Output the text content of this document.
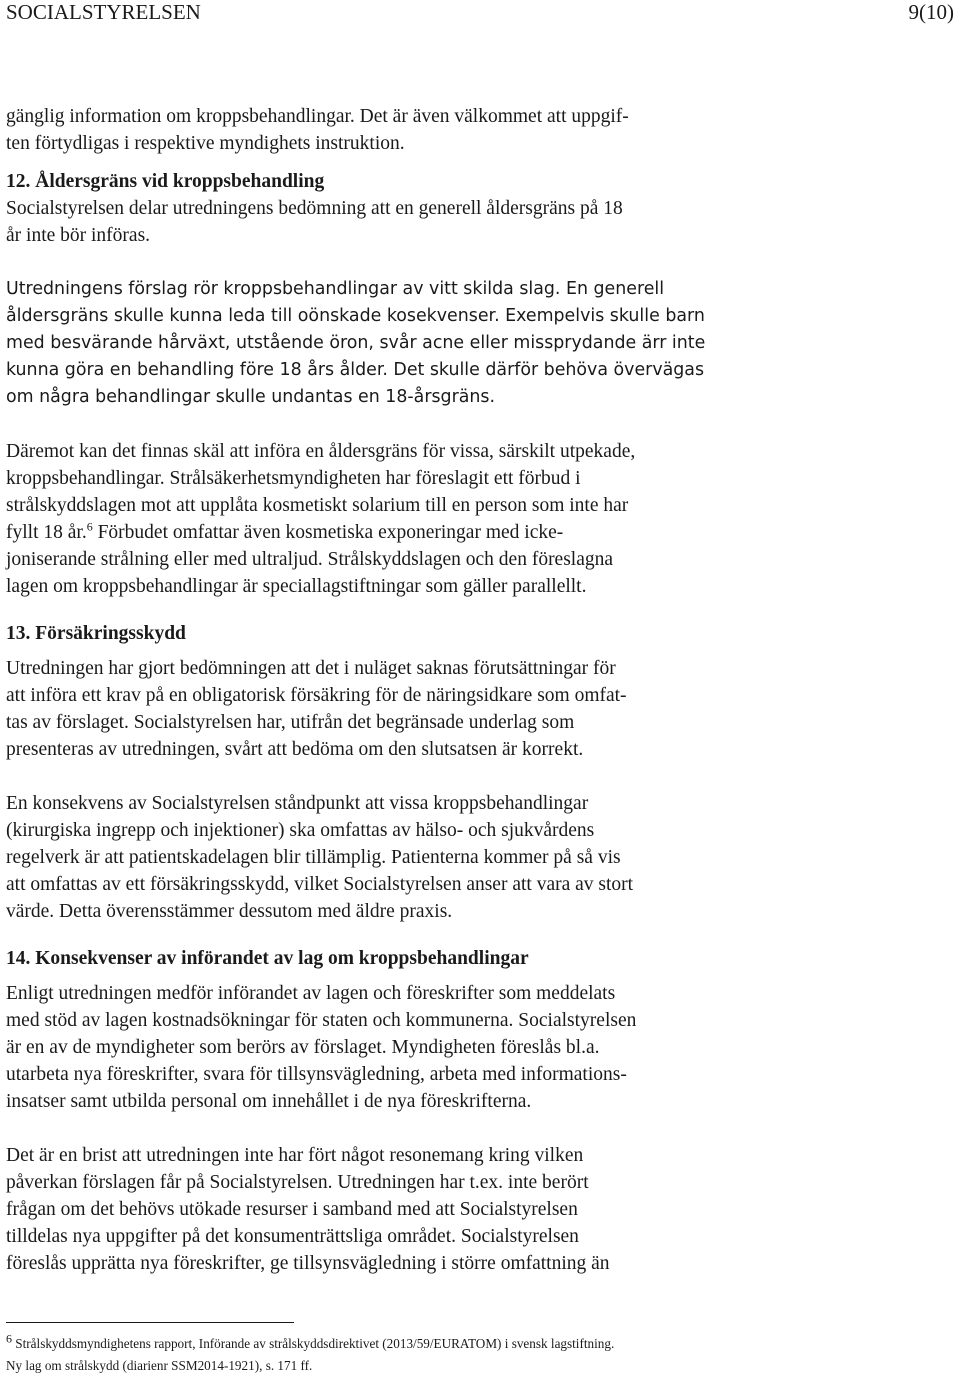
SOCIALSTYRELSEN	9(10)

gänglig information om kroppsbehandlingar. Det är även välkommet att uppgif-
ten förtydligas i respektive myndighets instruktion.

12. Åldersgräns vid kroppsbehandling

Socialstyrelsen delar utredningens bedömning att en generell åldersgräns på 18
år inte bör införas.

Utredningens förslag rör kroppsbehandlingar av vitt skilda slag. En generell
åldersgräns skulle kunna leda till oönskade kosekvenser. Exempelvis skulle barn
med besvärande hårväxt, utstående öron, svår acne eller missprydande ärr inte
kunna göra en behandling före 18 års ålder. Det skulle därför behöva övervägas
om några behandlingar skulle undantas en 18-årsgräns.

Däremot kan det finnas skäl att införa en åldersgräns för vissa, särskilt utpekade,
kroppsbehandlingar. Strålsäkerhetsmyndigheten har föreslagit ett förbud i
strålskyddslagen mot att upplåta kosmetiskt solarium till en person som inte har
fyllt 18 år.$^6$ Förbudet omfattar även kosmetiska exponeringar med icke-
joniserande strålning eller med ultraljud. Strålskyddslagen och den föreslagna
lagen om kroppsbehandlingar är speciallagstiftningar som gäller parallellt.

13. Försäkringsskydd

Utredningen har gjort bedömningen att det i nuläget saknas förutsättningar för
att införa ett krav på en obligatorisk försäkring för de näringsidkare som omfat-
tas av förslaget. Socialstyrelsen har, utifrån det begränsade underlag som
presenteras av utredningen, svårt att bedöma om den slutsatsen är korrekt.

En konsekvens av Socialstyrelsen ståndpunkt att vissa kroppsbehandlingar
(kirurgiska ingrepp och injektioner) ska omfattas av hälso- och sjukvårdens
regelverk är att patientskadelagen blir tillämplig. Patienterna kommer på så vis
att omfattas av ett försäkringsskydd, vilket Socialstyrelsen anser att vara av stort
värde. Detta överensstämmer dessutom med äldre praxis.

14. Konsekvenser av införandet av lag om kroppsbehandlingar

Enligt utredningen medför införandet av lagen och föreskrifter som meddelats
med stöd av lagen kostnadsökningar för staten och kommunerna. Socialstyrelsen
är en av de myndigheter som berörs av förslaget. Myndigheten föreslås bl.a.
utarbeta nya föreskrifter, svara för tillsynsvägledning, arbeta med informations-
insatser samt utbilda personal om innehållet i de nya föreskrifterna.

Det är en brist att utredningen inte har fört något resonemang kring vilken
påverkan förslagen får på Socialstyrelsen. Utredningen har t.ex. inte berört
frågan om det behövs utökade resurser i samband med att Socialstyrelsen
tilldelas nya uppgifter på det konsumenträttsliga området. Socialstyrelsen
föreslås upprätta nya föreskrifter, ge tillsynsvägledning i större omfattning än

$^6$ Strålskyddsmyndighetens rapport, Införande av strålskyddsdirektivet (2013/59/EURATOM) i svensk lagstiftning.

Ny lag om strålskydd (diarienr SSM2014-1921), s. 171 ff.
